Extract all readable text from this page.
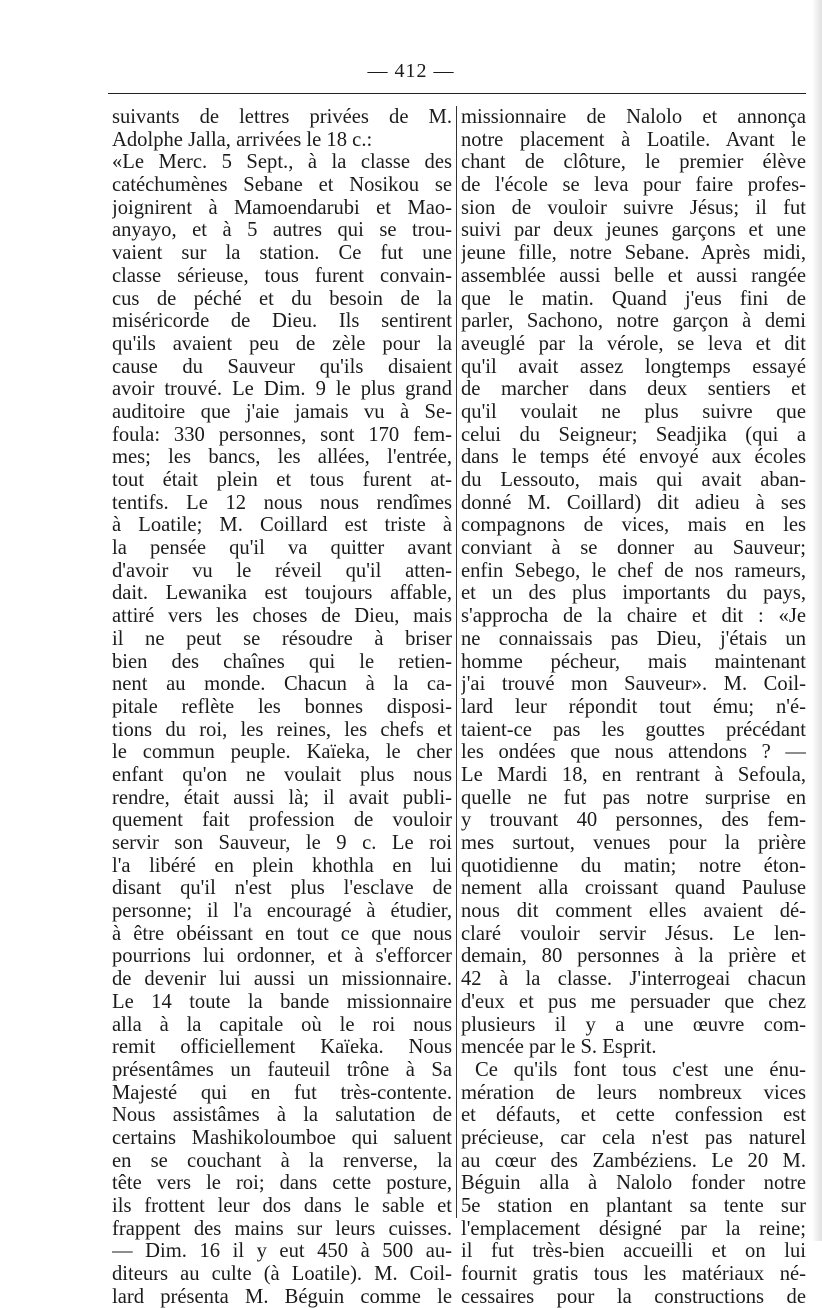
— 412 —
suivants de lettres privées de M.
Adolphe Jalla, arrivées le 18 c.:
«Le Merc. 5 Sept., à la classe des
catéchumènes Sebane et Nosikou se
joignirent à Mamoendarubi et Mao-
anyayo, et à 5 autres qui se trou-
vaient sur la station. Ce fut une
classe sérieuse, tous furent convain-
cus de péché et du besoin de la
miséricorde de Dieu. Ils sentirent
qu'ils avaient peu de zèle pour la
cause du Sauveur qu'ils disaient
avoir trouvé. Le Dim. 9 le plus grand
auditoire que j'aie jamais vu à Se-
foula: 330 personnes, sont 170 fem-
mes; les bancs, les allées, l'entrée,
tout était plein et tous furent at-
tentifs. Le 12 nous nous rendîmes
à Loatile; M. Coillard est triste à
la pensée qu'il va quitter avant
d'avoir vu le réveil qu'il atten-
dait. Lewanika est toujours affable,
attiré vers les choses de Dieu, mais
il ne peut se résoudre à briser
bien des chaînes qui le retien-
nent au monde. Chacun à la ca-
pitale reflète les bonnes disposi-
tions du roi, les reines, les chefs et
le commun peuple. Kaïeka, le cher
enfant qu'on ne voulait plus nous
rendre, était aussi là; il avait publi-
quement fait profession de vouloir
servir son Sauveur, le 9 c. Le roi
l'a libéré en plein khothla en lui
disant qu'il n'est plus l'esclave de
personne; il l'a encouragé à étudier,
à être obéissant en tout ce que nous
pourrions lui ordonner, et à s'efforcer
de devenir lui aussi un missionnaire.
Le 14 toute la bande missionnaire
alla à la capitale où le roi nous
remit officiellement Kaïeka. Nous
présentâmes un fauteuil trône à Sa
Majesté qui en fut très-contente.
Nous assistâmes à la salutation de
certains Mashikoloumboe qui saluent
en se couchant à la renverse, la
tête vers le roi; dans cette posture,
ils frottent leur dos dans le sable et
frappent des mains sur leurs cuisses.
— Dim. 16 il y eut 450 à 500 au-
diteurs au culte (à Loatile). M. Coil-
lard présenta M. Béguin comme le
missionnaire de Nalolo et annonça
notre placement à Loatile. Avant le
chant de clôture, le premier élève
de l'école se leva pour faire profes-
sion de vouloir suivre Jésus; il fut
suivi par deux jeunes garçons et une
jeune fille, notre Sebane. Après midi,
assemblée aussi belle et aussi rangée
que le matin. Quand j'eus fini de
parler, Sachono, notre garçon à demi
aveuglé par la vérole, se leva et dit
qu'il avait assez longtemps essayé
de marcher dans deux sentiers et
qu'il voulait ne plus suivre que
celui du Seigneur; Seadjika (qui a
dans le temps été envoyé aux écoles
du Lessouto, mais qui avait aban-
donné M. Coillard) dit adieu à ses
compagnons de vices, mais en les
conviant à se donner au Sauveur;
enfin Sebego, le chef de nos rameurs,
et un des plus importants du pays,
s'approcha de la chaire et dit : «Je
ne connaissais pas Dieu, j'étais un
homme pécheur, mais maintenant
j'ai trouvé mon Sauveur». M. Coil-
lard leur répondit tout ému; n'é-
taient-ce pas les gouttes précédant
les ondées que nous attendons ? —
Le Mardi 18, en rentrant à Sefoula,
quelle ne fut pas notre surprise en
y trouvant 40 personnes, des fem-
mes surtout, venues pour la prière
quotidienne du matin; notre éton-
nement alla croissant quand Pauluse
nous dit comment elles avaient dé-
claré vouloir servir Jésus. Le len-
demain, 80 personnes à la prière et
42 à la classe. J'interrogeai chacun
d'eux et pus me persuader que chez
plusieurs il y a une œuvre com-
mencée par le S. Esprit.
Ce qu'ils font tous c'est une énu-
mération de leurs nombreux vices
et défauts, et cette confession est
précieuse, car cela n'est pas naturel
au cœur des Zambéziens. Le 20 M.
Béguin alla à Nalolo fonder notre
5e station en plantant sa tente sur
l'emplacement désigné par la reine;
il fut très-bien accueilli et on lui
fournit gratis tous les matériaux né-
cessaires pour la constructions de
